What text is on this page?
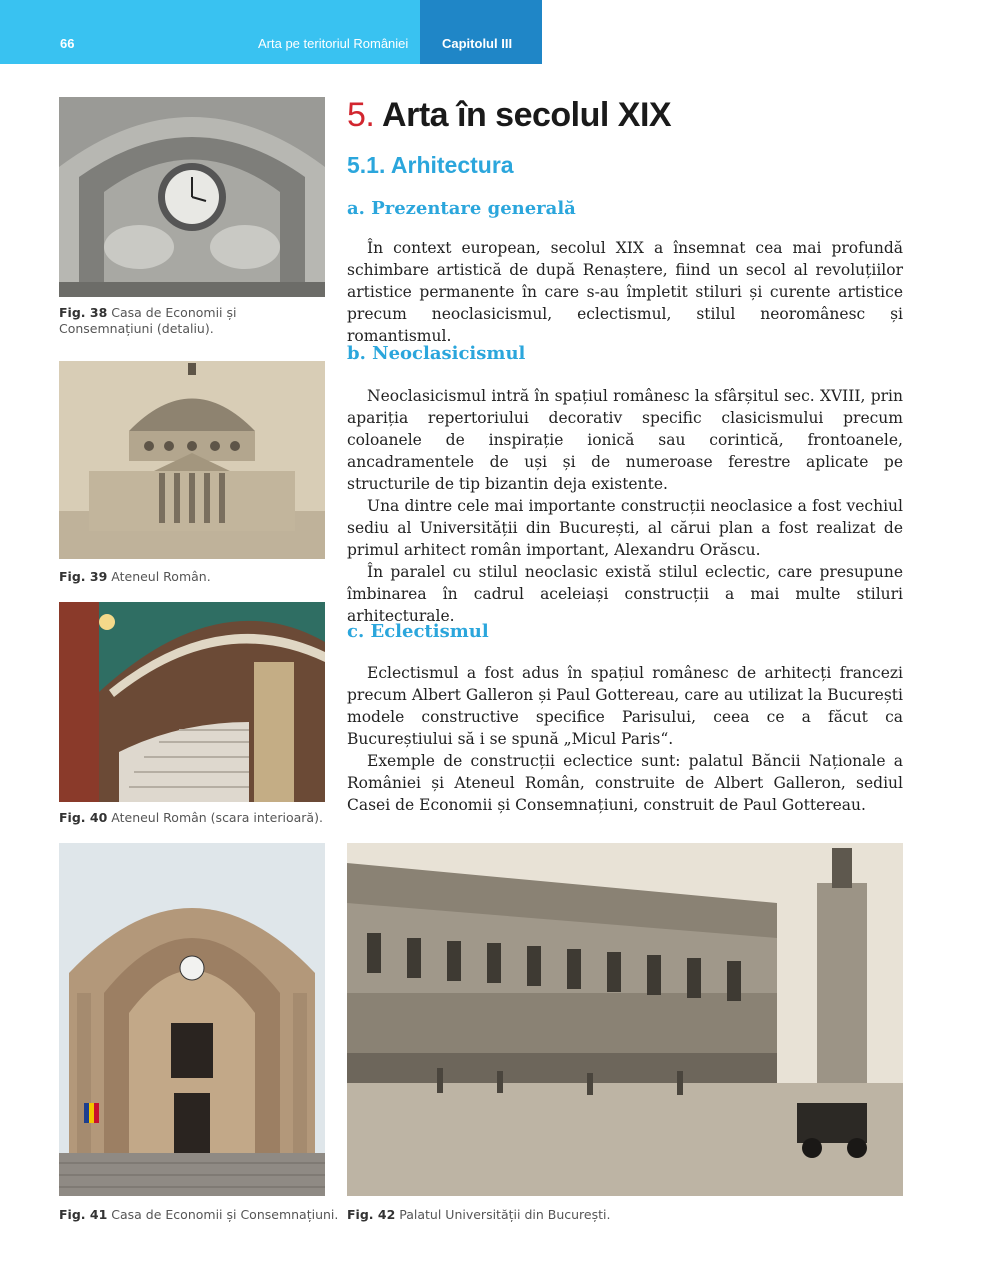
66	Arta pe teritoriul României	Capitolul III
Fig. 38 Casa de Economii și Consemnațiuni (detaliu).
Fig. 39 Ateneul Român.
Fig. 40 Ateneul Român (scara interioară).
Fig. 41 Casa de Economii și Consemnațiuni. Fig. 42 Palatul Universității din București.
5. Arta în secolul XIX
5.1. Arhitectura
a. Prezentare generală

În context european, secolul XIX a însemnat cea mai profundă schimbare artistică de după Renaștere, fiind un secol al revoluțiilor artistice permanente în care s-au împletit stiluri și curente artistice precum neoclasicismul, eclectismul, stilul neoromânesc și romantismul.

b. Neoclasicismul

Neoclasicismul intră în spațiul românesc la sfârșitul sec. XVIII, prin apariția repertoriului decorativ specific clasicismului precum coloanele de inspirație ionică sau corintică, frontoanele, ancadramentele de uși și de numeroase ferestre aplicate pe structurile de tip bizantin deja existente.

Una dintre cele mai importante construcții neoclasice a fost vechiul sediu al Universității din București, al cărui plan a fost realizat de primul arhitect român important, Alexandru Orăscu.

În paralel cu stilul neoclasic există stilul eclectic, care presupune îmbinarea în cadrul aceleiași construcții a mai multe stiluri arhitecturale.

c. Eclectismul

Eclectismul a fost adus în spațiul românesc de arhitecți francezi precum Albert Galleron și Paul Gottereau, care au utilizat la București modele constructive specifice Parisului, ceea ce a făcut ca Bucureștiului să i se spună „Micul Paris“.

Exemple de construcții eclectice sunt: palatul Băncii Naționale a României și Ateneul Român, construite de Albert Galleron, sediul Casei de Economii și Consemnațiuni, construit de Paul Gottereau.
